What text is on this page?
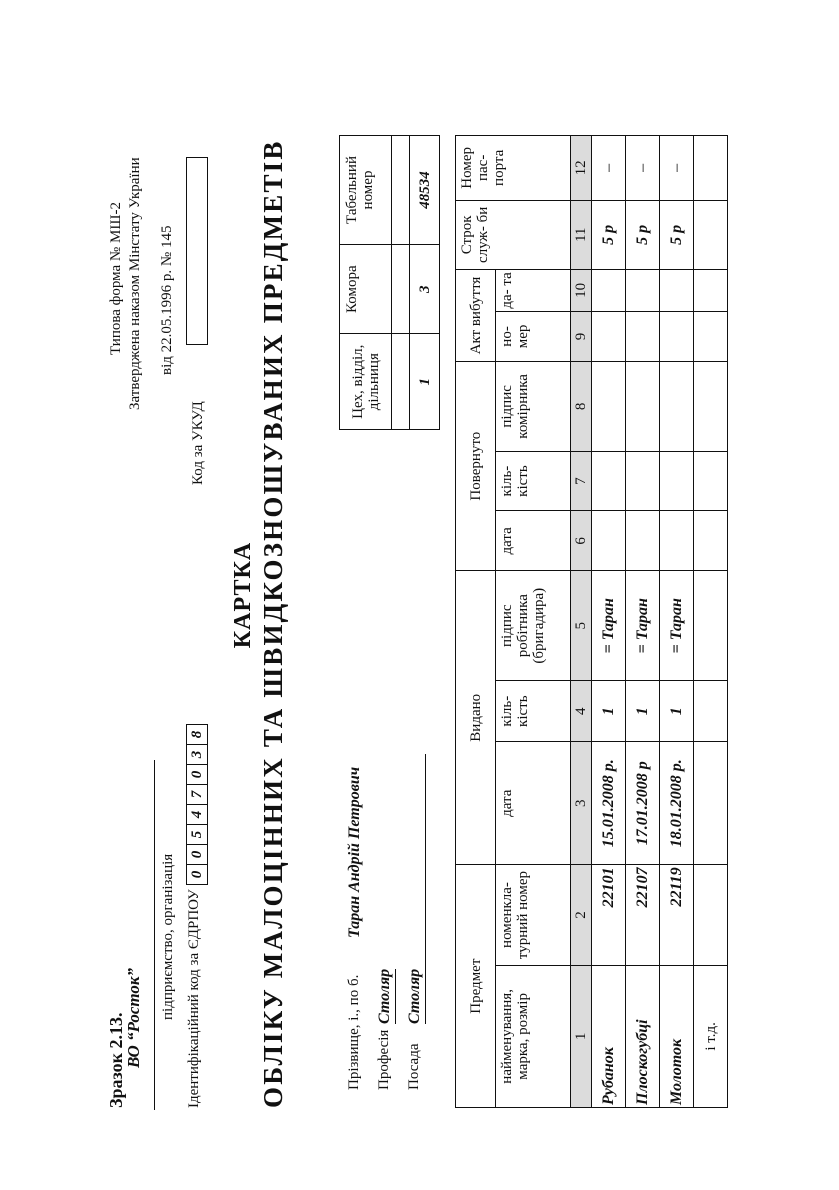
Зразок 2.13.
ВО “Росток” підприємство, організація Ідентифікаційний код за ЄДРПОУ
0
0
5
4
7
0
3
8
Типова форма № МШ-2 Затверджена наказом Мінстату України від 22.05.1996 р. № 145
Код за УКУД
КАРТКА ОБЛІКУ МАЛОЦІННИХ ТА ШВИДКОЗНОШУВАНИХ ПРЕДМЕТІВ	Прізвище, і., по б.
Таран Андрій Петрович
Професія
Столяр
Посада
Столяр
Цех, відділ, дільниця	Комора	Табельний номер

1	3	48534
Предмет		Видано			Повернуто			Акт вибуття		Строк служ- би	Номер пас- порта
найменування, марка, розмір	номенкла- турний номер	дата	кіль- кість	підпис робітника (бригадира)	дата	кіль- кість	підпис комірника	но- мер	да- та		
1	2	3	4	5	6	7	8	9	10	11	12
Рубанок	22101	15.01.2008 р.	1	= Таран						5 р	–
Плоскогубці	22107	17.01.2008 р	1	= Таран						5 р	–
Молоток	22119	18.01.2008 р.	1	= Таран						5 р	–
і т.д.											
